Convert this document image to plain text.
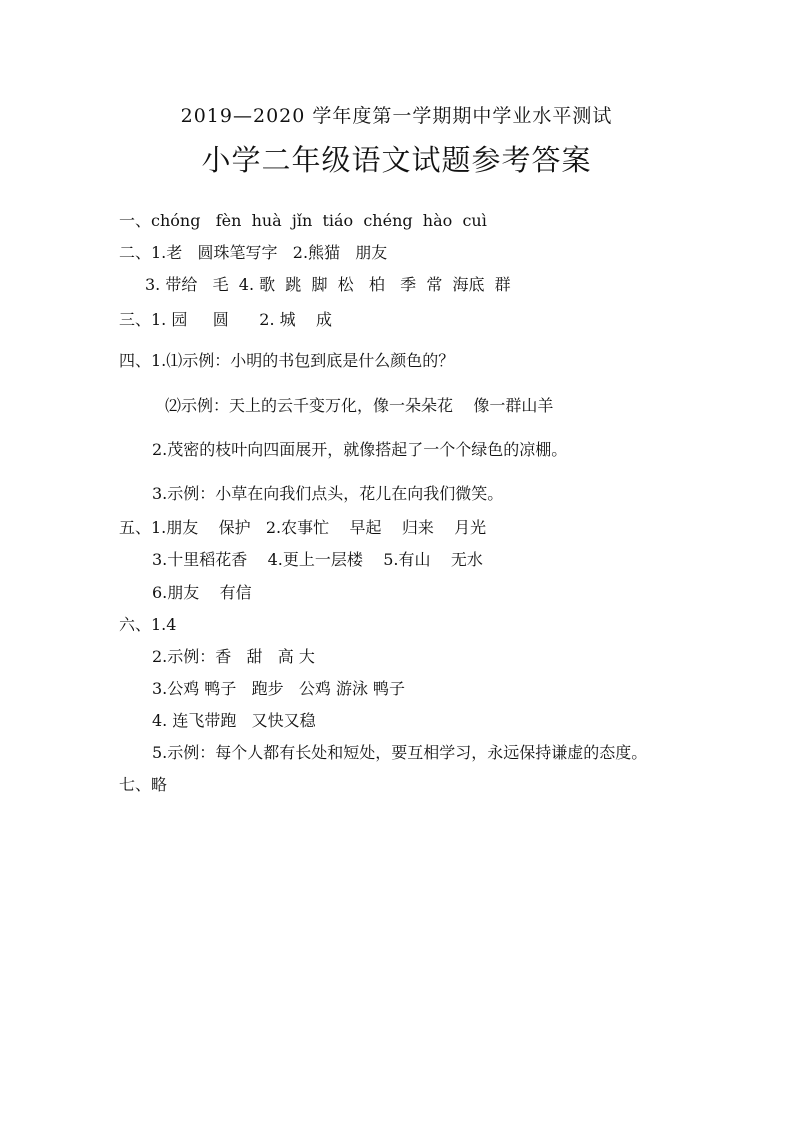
2019—2020 学年度第一学期期中学业水平测试
小学二年级语文试题参考答案
一、chóng   fèn  huà  jǐn  tiáo  chéng  hào  cuì
二、1.老   圆珠笔写字   2.熊猫   朋友
3. 带给   毛  4. 歌  跳  脚  松   柏   季  常  海底  群
三、1. 园     圆      2. 城    成
四、1.⑴示例：小明的书包到底是什么颜色的？
⑵示例：天上的云千变万化，像一朵朵花    像一群山羊
2.茂密的枝叶向四面展开，就像搭起了一个个绿色的凉棚。
3.示例：小草在向我们点头，花儿在向我们微笑。
五、1.朋友    保护   2.农事忙    早起    归来    月光
3.十里稻花香    4.更上一层楼    5.有山    无水
6.朋友    有信
六、1.4
2.示例：香   甜   高 大
3.公鸡 鸭子   跑步   公鸡 游泳 鸭子
4. 连飞带跑   又快又稳
5.示例：每个人都有长处和短处，要互相学习，永远保持谦虚的态度。
七、略
